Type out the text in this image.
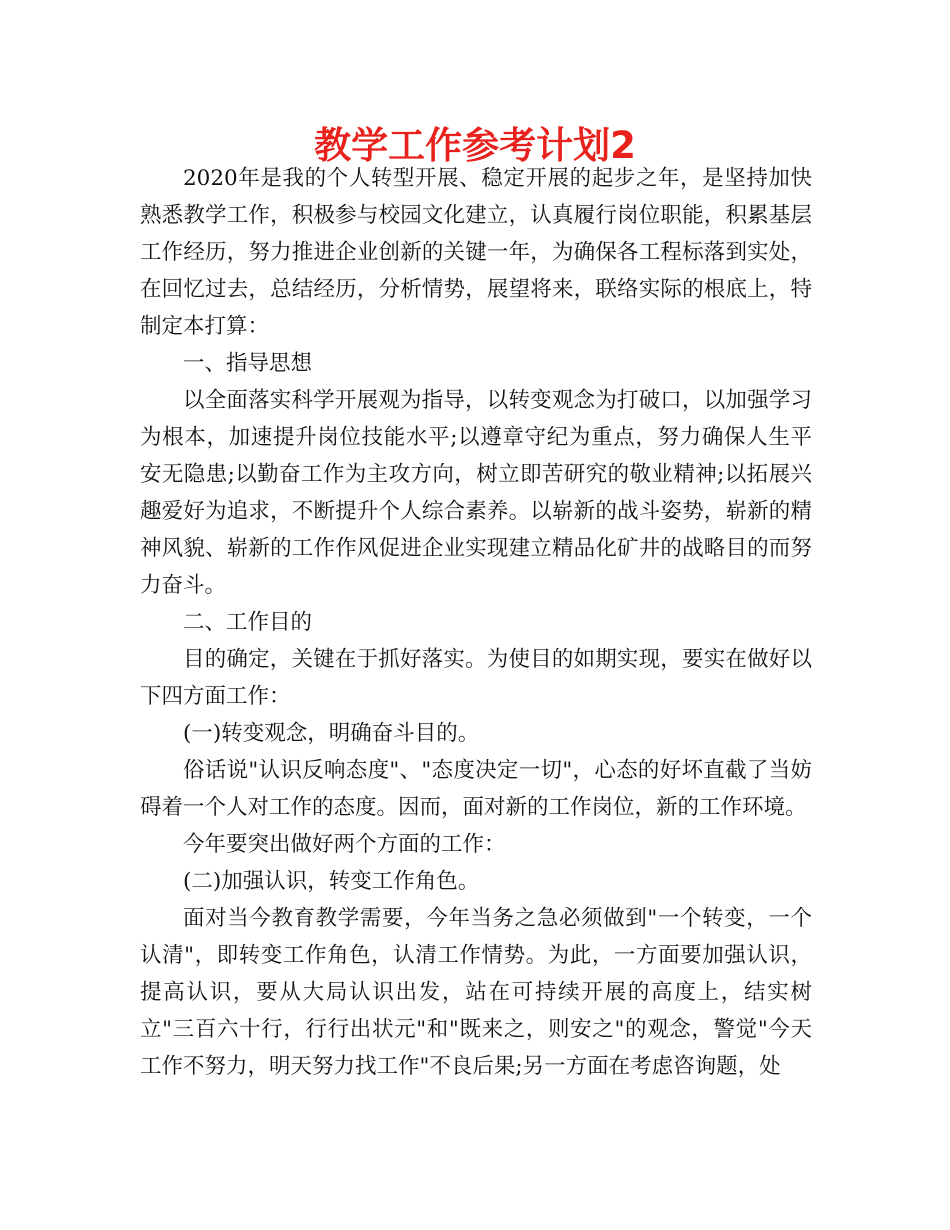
教学工作参考计划2

2020年是我的个人转型开展、稳定开展的起步之年，是坚持加快熟悉教学工作，积极参与校园文化建立，认真履行岗位职能，积累基层工作经历，努力推进企业创新的关键一年，为确保各工程标落到实处，在回忆过去，总结经历，分析情势，展望将来，联络实际的根底上，特制定本打算：

一、指导思想

以全面落实科学开展观为指导，以转变观念为打破口，以加强学习为根本，加速提升岗位技能水平;以遵章守纪为重点，努力确保人生平安无隐患;以勤奋工作为主攻方向，树立即苦研究的敬业精神;以拓展兴趣爱好为追求，不断提升个人综合素养。以崭新的战斗姿势，崭新的精神风貌、崭新的工作作风促进企业实现建立精品化矿井的战略目的而努力奋斗。

二、工作目的

目的确定，关键在于抓好落实。为使目的如期实现，要实在做好以下四方面工作：

(一)转变观念，明确奋斗目的。

俗话说"认识反响态度"、"态度决定一切"，心态的好坏直截了当妨碍着一个人对工作的态度。因而，面对新的工作岗位，新的工作环境。

今年要突出做好两个方面的工作：

(二)加强认识，转变工作角色。

面对当今教育教学需要，今年当务之急必须做到"一个转变，一个认清"，即转变工作角色，认清工作情势。为此，一方面要加强认识，提高认识，要从大局认识出发，站在可持续开展的高度上，结实树立"三百六十行，行行出状元"和"既来之，则安之"的观念，警觉"今天工作不努力，明天努力找工作"不良后果;另一方面在考虑咨询题，处
